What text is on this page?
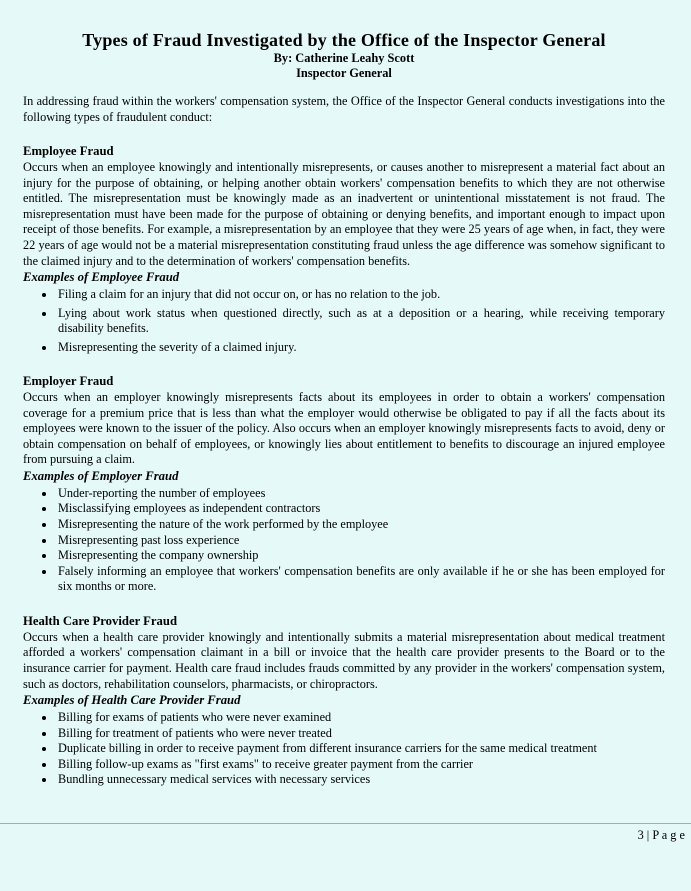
Types of Fraud Investigated by the Office of the Inspector General
By: Catherine Leahy Scott
Inspector General

In addressing fraud within the workers' compensation system, the Office of the Inspector General conducts investigations into the following types of fraudulent conduct:

Employee Fraud

Occurs when an employee knowingly and intentionally misrepresents, or causes another to misrepresent a material fact about an injury for the purpose of obtaining, or helping another obtain workers' compensation benefits to which they are not otherwise entitled. The misrepresentation must be knowingly made as an inadvertent or unintentional misstatement is not fraud. The misrepresentation must have been made for the purpose of obtaining or denying benefits, and important enough to impact upon receipt of those benefits. For example, a misrepresentation by an employee that they were 25 years of age when, in fact, they were 22 years of age would not be a material misrepresentation constituting fraud unless the age difference was somehow significant to the claimed injury and to the determination of workers' compensation benefits.

Examples of Employee Fraud
• Filing a claim for an injury that did not occur on, or has no relation to the job.
• Lying about work status when questioned directly, such as at a deposition or a hearing, while receiving temporary disability benefits.
• Misrepresenting the severity of a claimed injury.
Employer Fraud

Occurs when an employer knowingly misrepresents facts about its employees in order to obtain a workers' compensation coverage for a premium price that is less than what the employer would otherwise be obligated to pay if all the facts about its employees were known to the issuer of the policy. Also occurs when an employer knowingly misrepresents facts to avoid, deny or obtain compensation on behalf of employees, or knowingly lies about entitlement to benefits to discourage an injured employee from pursuing a claim.

Examples of Employer Fraud
• Under-reporting the number of employees
• Misclassifying employees as independent contractors
• Misrepresenting the nature of the work performed by the employee
• Misrepresenting past loss experience
• Misrepresenting the company ownership
• Falsely informing an employee that workers' compensation benefits are only available if he or she has been employed for six months or more.
Health Care Provider Fraud

Occurs when a health care provider knowingly and intentionally submits a material misrepresentation about medical treatment afforded a workers' compensation claimant in a bill or invoice that the health care provider presents to the Board or to the insurance carrier for payment. Health care fraud includes frauds committed by any provider in the workers' compensation system, such as doctors, rehabilitation counselors, pharmacists, or chiropractors.

Examples of Health Care Provider Fraud
• Billing for exams of patients who were never examined
• Billing for treatment of patients who were never treated
• Duplicate billing in order to receive payment from different insurance carriers for the same medical treatment
• Billing follow-up exams as "first exams" to receive greater payment from the carrier
• Bundling unnecessary medical services with necessary services
3 | P a g e
